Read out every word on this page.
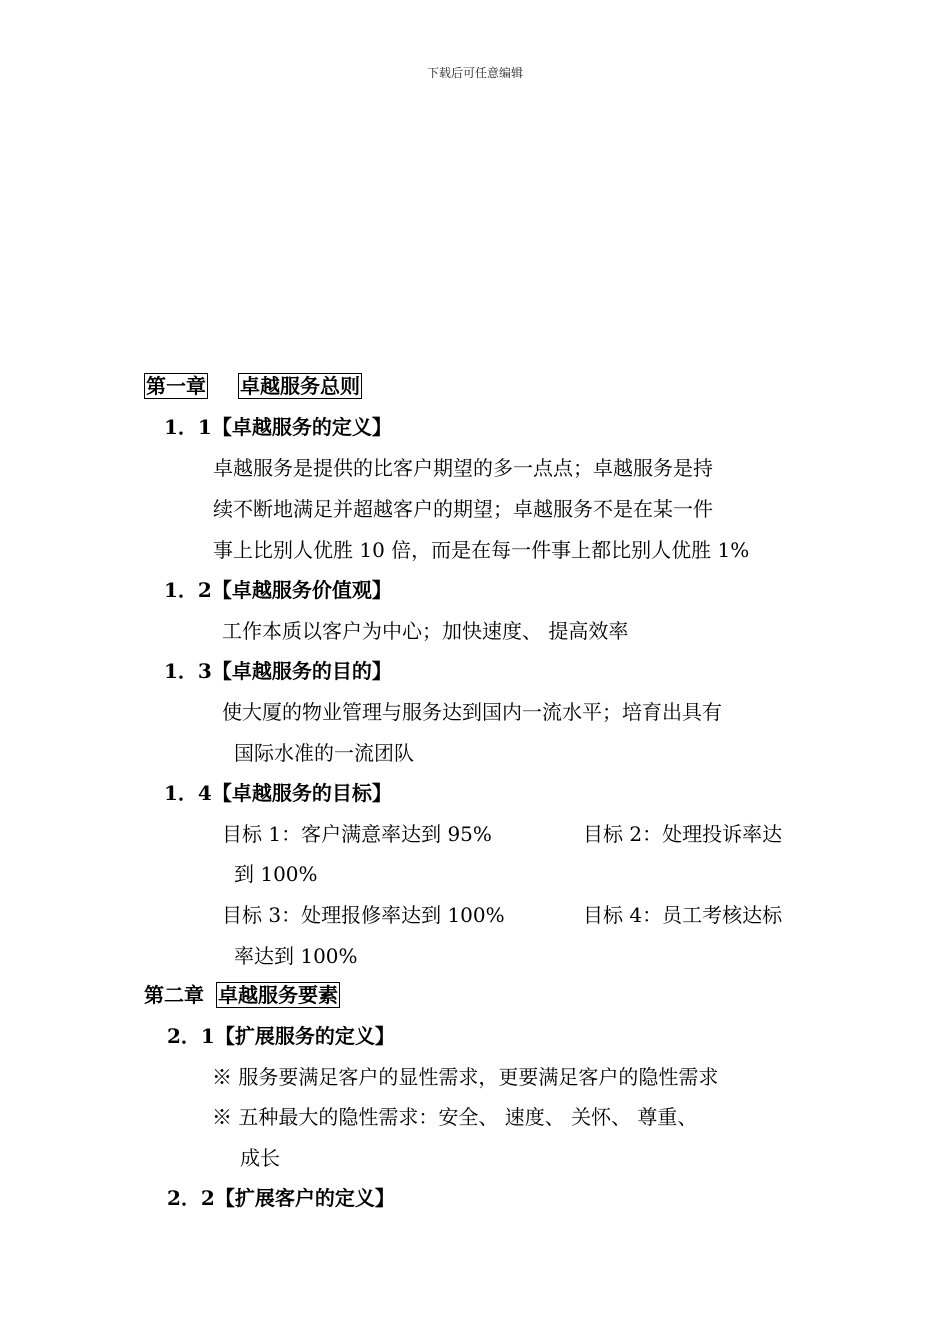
下载后可任意编辑
第一章 卓越服务总则
1．1【卓越服务的定义】
卓越服务是提供的比客户期望的多一点点；卓越服务是持
续不断地满足并超越客户的期望；卓越服务不是在某一件
事上比别人优胜 10 倍，而是在每一件事上都比别人优胜 1%
1．2【卓越服务价值观】
工作本质以客户为中心；加快速度、 提高效率
1．3【卓越服务的目的】
使大厦的物业管理与服务达到国内一流水平；培育出具有
国际水准的一流团队
1．4【卓越服务的目标】
目标 1：客户满意率达到 95%	目标 2：处理投诉率达
到 100%
目标 3：处理报修率达到 100%	目标 4：员工考核达标
率达到 100%
第二章 卓越服务要素
2．1【扩展服务的定义】
※ 服务要满足客户的显性需求，更要满足客户的隐性需求
※ 五种最大的隐性需求：安全、 速度、 关怀、 尊重、
成长
2．2【扩展客户的定义】
